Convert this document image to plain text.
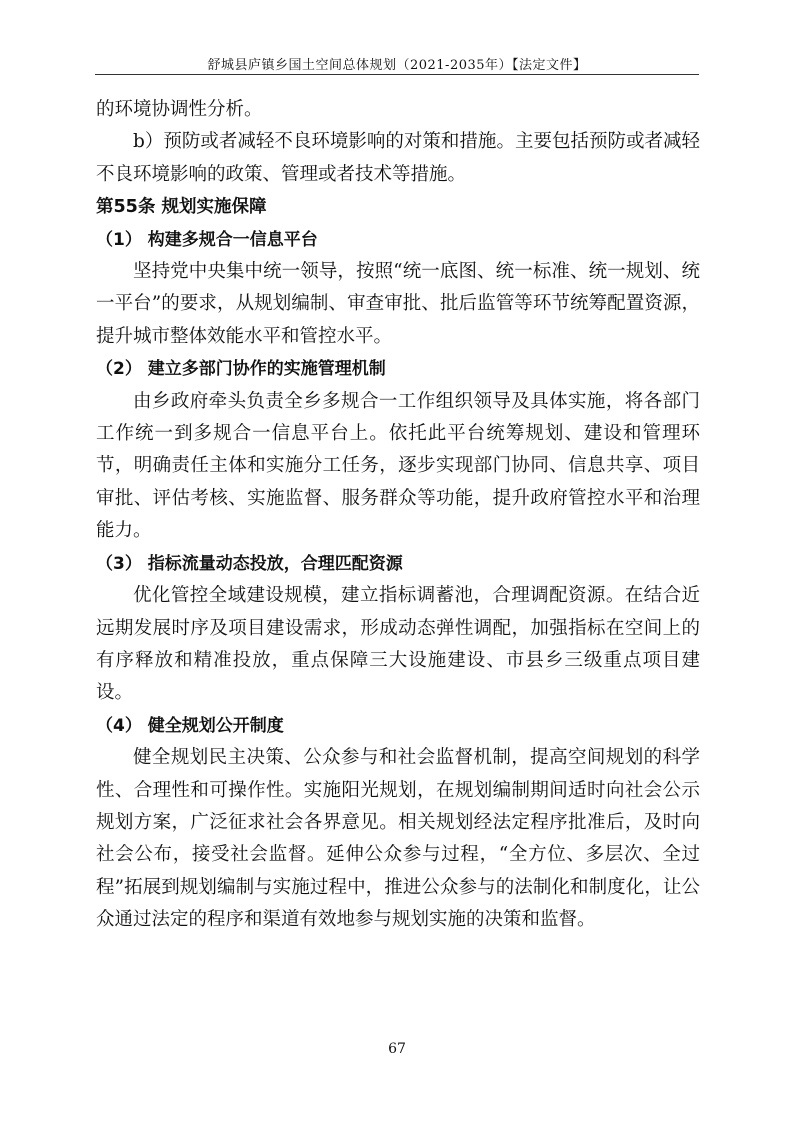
舒城县庐镇乡国土空间总体规划（2021-2035年）【法定文件】

的环境协调性分析。

b）预防或者减轻不良环境影响的对策和措施。主要包括预防或者减轻不良环境影响的政策、管理或者技术等措施。

第55条 规划实施保障

（1） 构建多规合一信息平台

坚持党中央集中统一领导，按照“统一底图、统一标准、统一规划、统一平台”的要求，从规划编制、审查审批、批后监管等环节统筹配置资源，提升城市整体效能水平和管控水平。

（2） 建立多部门协作的实施管理机制

由乡政府牵头负责全乡多规合一工作组织领导及具体实施，将各部门工作统一到多规合一信息平台上。依托此平台统筹规划、建设和管理环节，明确责任主体和实施分工任务，逐步实现部门协同、信息共享、项目审批、评估考核、实施监督、服务群众等功能，提升政府管控水平和治理能力。

（3） 指标流量动态投放，合理匹配资源

优化管控全域建设规模，建立指标调蓄池，合理调配资源。在结合近远期发展时序及项目建设需求，形成动态弹性调配，加强指标在空间上的有序释放和精准投放，重点保障三大设施建设、市县乡三级重点项目建设。

（4） 健全规划公开制度

健全规划民主决策、公众参与和社会监督机制，提高空间规划的科学性、合理性和可操作性。实施阳光规划，在规划编制期间适时向社会公示规划方案，广泛征求社会各界意见。相关规划经法定程序批准后，及时向社会公布，接受社会监督。延伸公众参与过程，“全方位、多层次、全过程”拓展到规划编制与实施过程中，推进公众参与的法制化和制度化，让公众通过法定的程序和渠道有效地参与规划实施的决策和监督。

67
